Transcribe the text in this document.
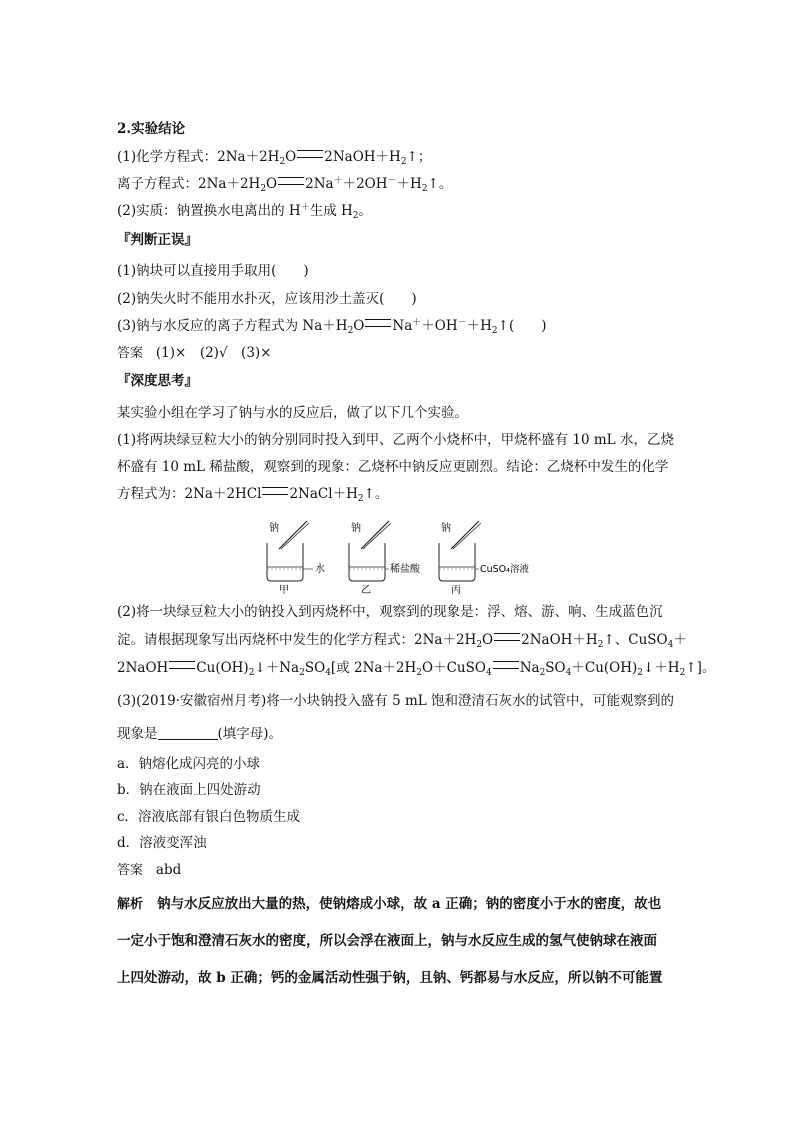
2.实验结论
(1)化学方程式：$2Na+2H_2O$ $2NaOH+H_2↑$；
离子方程式：$2Na+2H_2O$ $2Na^++2OH^-+H_2↑$。
(2)实质：钠置换水电离出的 H＋生成 $H_2$。
『判断正误』
(1)钠块可以直接用手取用(　　)
(2)钠失火时不能用水扑灭，应该用沙土盖灭(　　)
(3)钠与水反应的离子方程式为 $Na+H_2O$ $Na^++OH^-+H_2↑$(　　)
答案 (1)×　(2)√　(3)×
『深度思考』
某实验小组在学习了钠与水的反应后，做了以下几个实验。
(1)将两块绿豆粒大小的钠分别同时投入到甲、乙两个小烧杯中，甲烧杯盛有 10 mL 水，乙烧
杯盛有 10 mL 稀盐酸，观察到的现象：乙烧杯中钠反应更剧烈。结论：乙烧杯中发生的化学
方程式为：2Na＋2HCl $2NaCl+H_2↑$。
钠
水
甲
钠
稀盐酸
乙
钠
CuSO₄溶液
丙
(2)将一块绿豆粒大小的钠投入到丙烧杯中，观察到的现象是：浮、熔、游、响、生成蓝色沉
淀。请根据现象写出丙烧杯中发生的化学方程式：$2Na+2H_2O$ $2NaOH+H_2↑$、CuSO$_4$＋
2NaOH $Cu(OH)_2↓+Na_2SO_4$[或 $2Na+2H_2O+CuSO_4$ $Na_2SO_4+Cu(OH)_2↓+H_2↑$]。
(3)(2019·安徽宿州月考)将一小块钠投入盛有 5 mL 饱和澄清石灰水的试管中，可能观察到的
现象是	(填字母)。
a．钠熔化成闪亮的小球
b．钠在液面上四处游动
c．溶液底部有银白色物质生成
d．溶液变浑浊
答案 abd
解析 钠与水反应放出大量的热，使钠熔成小球，故 a 正确；钠的密度小于水的密度，故也
一定小于饱和澄清石灰水的密度，所以会浮在液面上，钠与水反应生成的氢气使钠球在液面
上四处游动，故 b 正确；钙的金属活动性强于钠，且钠、钙都易与水反应，所以钠不可能置
